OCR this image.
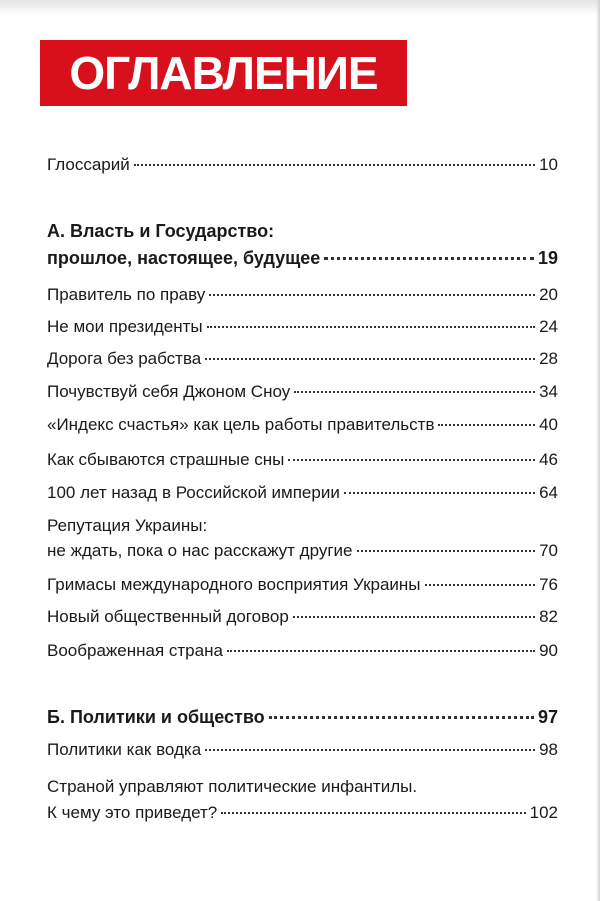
ОГЛАВЛЕНИЕ
Глоссарий	10
А. Власть и Государство:
прошлое, настоящее, будущее	19
Правитель по праву	20
Не мои президенты	24
Дорога без рабства	28
Почувствуй себя Джоном Сноу	34
«Индекс счастья» как цель работы правительств	40
Как сбываются страшные сны	46
100 лет назад в Российской империи	64
Репутация Украины:
не ждать, пока о нас расскажут другие	70
Гримасы международного восприятия Украины	76
Новый общественный договор	82
Воображенная страна	90
Б. Политики и общество	97
Политики как водка	98
Страной управляют политические инфантилы.
К чему это приведет?	102
